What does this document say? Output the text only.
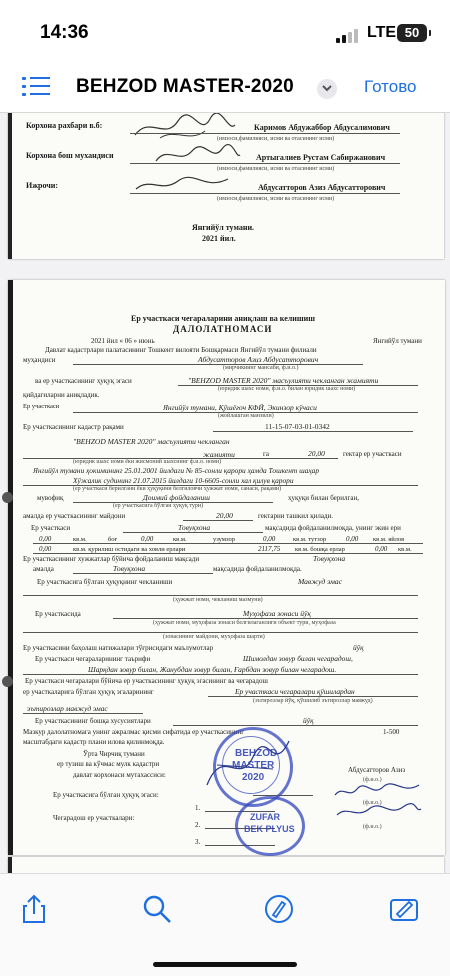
14:36	LTE 50
BEHZOD MASTER-2020	Готово
Корхона рахбари в.б:	Каримов Абдужаббор Абдусалимович
(имзоси,фамилияси, исми ва отасининг исми)
Корхона бош мухандиси	Артыгалиев Рустам Сабиржанович
(имзоси,фамилияси, исми ва отасининг исми)
Ижрочи:	Абдусатторов Азиз Абдусатторович
(имзоси,фамилияси, исми ва отасининг исми)
Янгийўл тумани.
2021 йил.
Ер участкаси чегараларини аниқлаш ва келишиш
ДАЛОЛАТНОМАСИ
2021 йил « 06 » июнь	Янгийўл тумани
Давлат кадастрлари палатасининг Тошкент вилояти Бошқармаси Янгийўл тумани филиали
муҳандиси	Абдусатторов Азиз Абдусатторович
(мирчикиинг мансаби, ф.и.о.)
ва ер участкасининг ҳуқуқ эгаси	"BEHZOD MASTER 2020" масъулияти чекланган жамияти
(юридик шахс номи, ф.и.о. билан юридик шахс номи)
қийдагиларни аниқладик.
Ер участкаси	Янгийўл тумани, Қўшёғоч КФЙ, Экинзор кўчаси
(жойлашган манзили)
Ер участкасининг кадастр рақами	11-15-07-03-01-0342
"BEHZOD MASTER 2020" масъулияти чекланган
жамияти	га	20,00	гектар ер участкаси
(юридик шахс номи ёки жисмоний шахснинг ф.и.о. номи)
Янгийўл тумани ҳокимининг 25.01.2001 йилдаги № 85-сонли қарори ҳамда Тошкент шаҳар
Хўжалик судининг 21.07.2015 йилдаги 10-6605-сонли хал қилув қарори
(ер участкаси берилгани ёки ҳуқуқини белгиловчи ҳужжат номи, санаси, рақами)
мувофиқ	Доимий фойдаланиш	ҳуқуқи билан берилган,
(ер участкасига бўлган ҳуқуқ тури)
амалда ер участкасининг майдони	20,00	гектарни ташкил қилади.
Ер участкаси	Товуқхона	мақсадида фойдаланилмоқда, унинг экин ери
0,00	кв.м.	боғ	0,00	кв.м.	узумзор	0,00	кв.м. тутзор	0,00 кв.м. яйлов
0,00	кв.м. қурилиш остидаги ва ховли ерлари	2117,75 кв.м. бошқа ерлар	0,00 кв.м.
Ер участкасининг хужжатлар бўйича фойдаланиш мақсади	Товуқхона
амалда	Товуқхона	мақсадида фойдаланилмоқда.
Ер участкасига бўлган ҳуқуқнинг чекланиши	Мавжуд эмас
(ҳужжат номи, чекланиш мазмуни)
Ер участкасида	Муҳофаза зонаси йўқ
(ҳужжат номи, муҳофаза зонаси белгилаганлиги объект тури, муҳофаза
(зонасининг майдони, муҳофаза шарти)
Ер участкасини баҳолаш натижалари тўғрисидаги маълумотлар	йўқ
Ер участкаси чегараларининг таърифи	Шимолдан зовур билан чегарадош,
Шарқдан зовур билан, Жанубдан зовур билан, Ғарбдан зовур билан чегарадош.
Ер участкаси чегаралари бўйича ер участкасининг ҳуқуқ эгасининг ва чегарадош
ер участкаларига бўлган ҳуқуқ эгаларининг	Ер участкаси чегаралари қўшилардан
(эътирозлар йўқ, қўшилиб эътирозлар мавжуд)
эътирозлар мавжуд эмас
Ер участкасининг бошқа хусусиятлари	йўқ
Мазкур далолатномага унинг ажралмас қисми сифатида ер участкасининг	1-500
масштабдаги кадастр плани илова қилинмоқда.
Ўрта Чирчиқ тумани
ер тузиш ва кўчмас мулк кадастри
давлат корхонаси мутахассиси:
Абдусатторов Азиз
(ф.и.о.)
Ер участкасига бўлган ҳуқуқ эгаси:
(ф.и.о.)
Чегарадош ер участкалари:
1.
2.
3.
(ф.и.о.)
BEHZOD
MASTER
2020
ZUFAR
BEK PLYUS
